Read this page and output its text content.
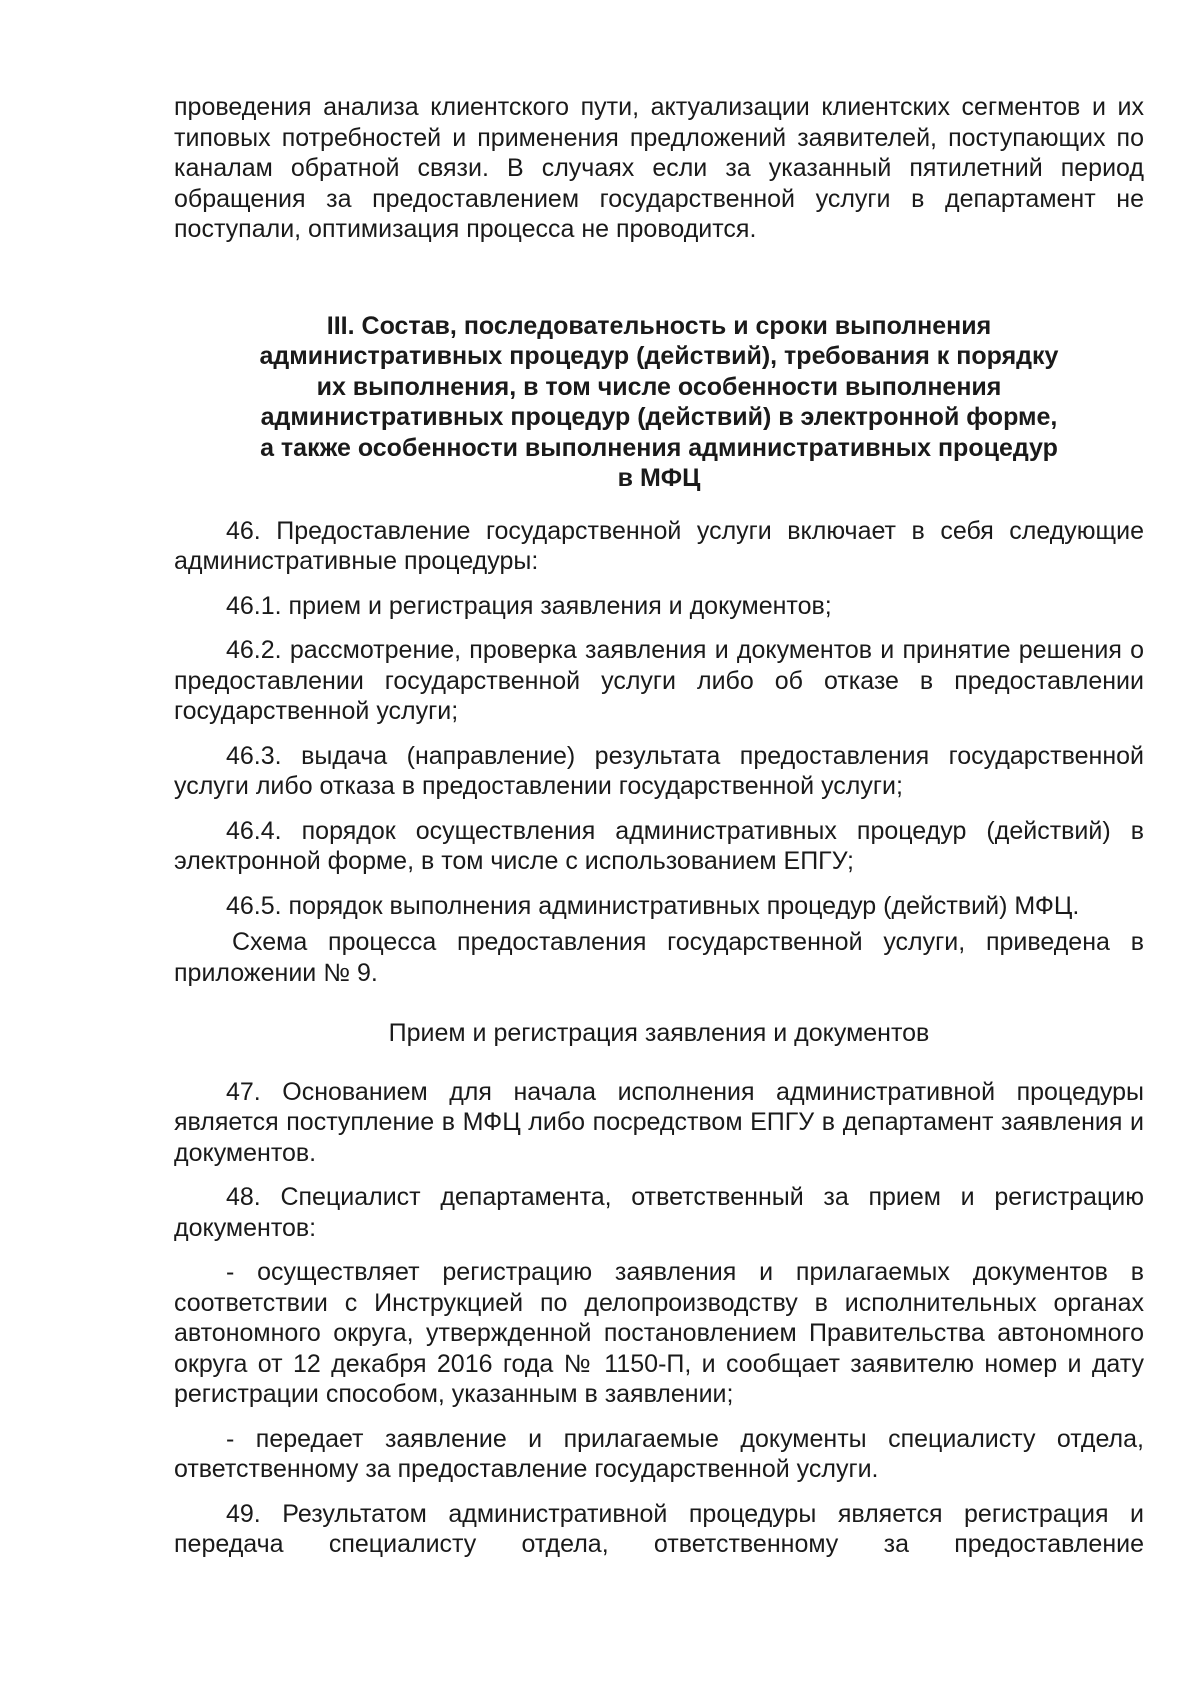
проведения анализа клиентского пути, актуализации клиентских сегментов и их типовых потребностей и применения предложений заявителей, поступающих по каналам обратной связи. В случаях если за указанный пятилетний период обращения за предоставлением государственной услуги в департамент не поступали, оптимизация процесса не проводится.

III. Состав, последовательность и сроки выполнения
административных процедур (действий), требования к порядку
их выполнения, в том числе особенности выполнения
административных процедур (действий) в электронной форме,
а также особенности выполнения административных процедур
в МФЦ

46. Предоставление государственной услуги включает в себя следующие административные процедуры:

46.1. прием и регистрация заявления и документов;

46.2. рассмотрение, проверка заявления и документов и принятие решения о предоставлении государственной услуги либо об отказе в предоставлении государственной услуги;

46.3. выдача (направление) результата предоставления государственной услуги либо отказа в предоставлении государственной услуги;

46.4. порядок осуществления административных процедур (действий) в электронной форме, в том числе с использованием ЕПГУ;

46.5. порядок выполнения административных процедур (действий) МФЦ.

Схема процесса предоставления государственной услуги, приведена в приложении № 9.

Прием и регистрация заявления и документов

47. Основанием для начала исполнения административной процедуры является поступление в МФЦ либо посредством ЕПГУ в департамент заявления и документов.

48. Специалист департамента, ответственный за прием и регистрацию документов:

- осуществляет регистрацию заявления и прилагаемых документов в соответствии с Инструкцией по делопроизводству в исполнительных органах автономного округа, утвержденной постановлением Правительства автономного округа от 12 декабря 2016 года № 1150-П, и сообщает заявителю номер и дату регистрации способом, указанным в заявлении;

- передает заявление и прилагаемые документы специалисту отдела, ответственному за предоставление государственной услуги.

49. Результатом административной процедуры является регистрация и передача специалисту отдела, ответственному за предоставление
